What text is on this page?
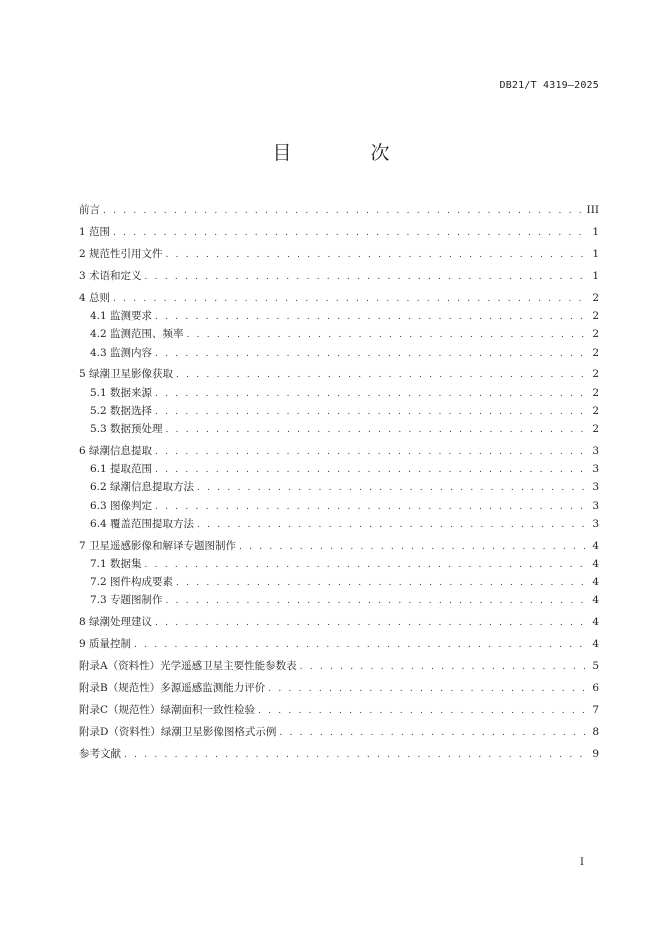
DB21/T 4319—2025
目　次
前言 . . .	III
1 范围 . . .	1
2 规范性引用文件 . . .	1
3 术语和定义 . . .	1
4 总则 . . .	2
4.1 监测要求 . . .	2
4.2 监测范围、频率 . . .	2
4.3 监测内容 . . .	2
5 绿潮卫星影像获取 . . .	2
5.1 数据来源 . . .	2
5.2 数据选择 . . .	2
5.3 数据预处理 . . .	2
6 绿潮信息提取 . . .	3
6.1 提取范围 . . .	3
6.2 绿潮信息提取方法 . . .	3
6.3 图像判定 . . .	3
6.4 覆盖范围提取方法 . . .	3
7 卫星遥感影像和解译专题图制作 . . .	4
7.1 数据集 . . .	4
7.2 图件构成要素 . . .	4
7.3 专题图制作 . . .	4
8 绿潮处理建议 . . .	4
9 质量控制 . . .	4
附录A（资料性）光学遥感卫星主要性能参数表 . . .	5
附录B（规范性）多源遥感监测能力评价 . . .	6
附录C（规范性）绿潮面积一致性检验 . . .	7
附录D（资料性）绿潮卫星影像图格式示例 . . .	8
参考文献 . . .	9
I
